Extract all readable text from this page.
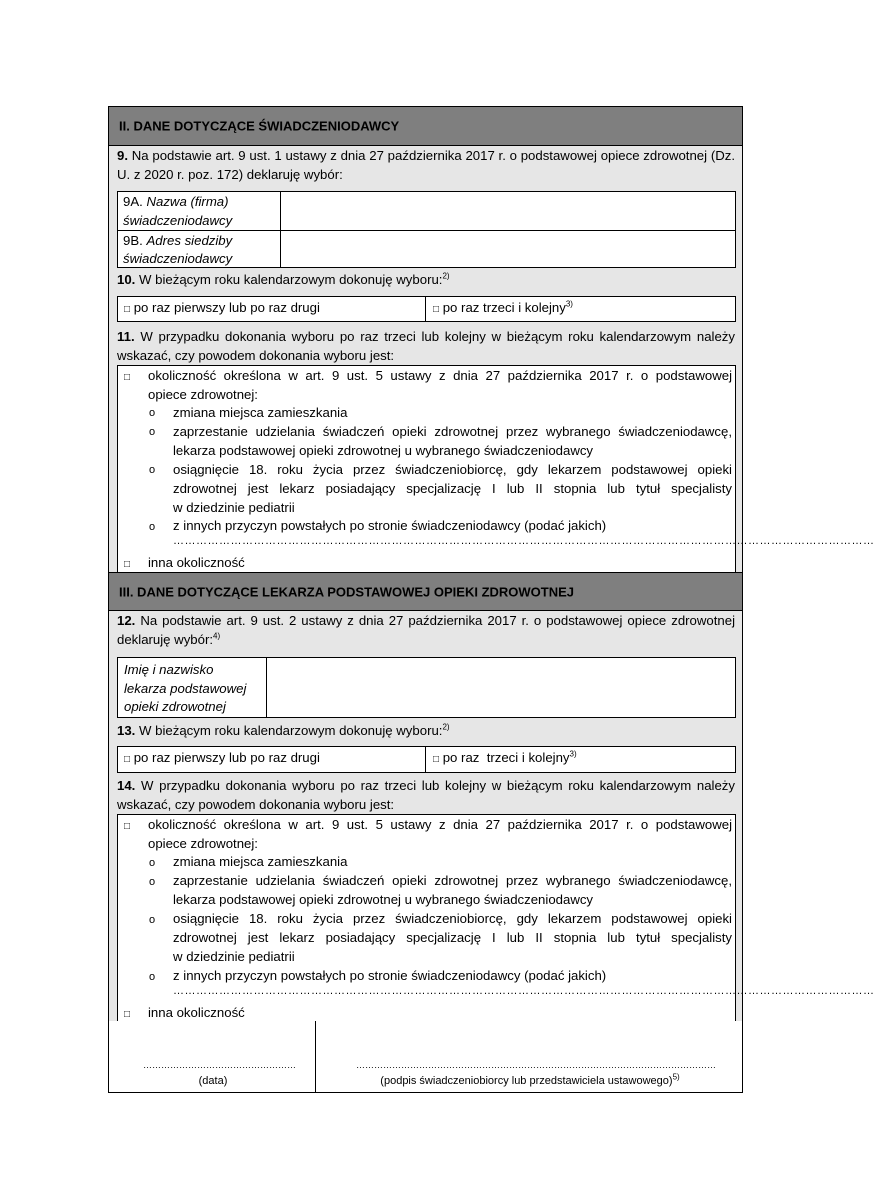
II. DANE DOTYCZĄCE ŚWIADCZENIODAWCY
9. Na podstawie art. 9 ust. 1 ustawy z dnia 27 października 2017 r. o podstawowej opiece zdrowotnej (Dz. U. z 2020 r. poz. 172) deklaruję wybór:
9A. Nazwa (firma)
świadczeniodawcy
9B. Adres siedziby
świadczeniodawcy
10. W bieżącym roku kalendarzowym dokonuję wyboru:$^{2)}$
□ po raz pierwszy lub po raz drugi	□ po raz trzeci i kolejny$^{3)}$
11. W przypadku dokonania wyboru po raz trzeci lub kolejny w bieżącym roku kalendarzowym należy wskazać, czy powodem dokonania wyboru jest:
□ okoliczność określona w art. 9 ust. 5 ustawy z dnia 27 października 2017 r. o podstawowej
opiece zdrowotnej:
o zmiana miejsca zamieszkania
o zaprzestanie udzielania świadczeń opieki zdrowotnej przez wybranego świadczeniodawcę,
lekarza podstawowej opieki zdrowotnej u wybranego świadczeniodawcy
o osiągnięcie 18. roku życia przez świadczeniobiorcę, gdy lekarzem podstawowej opieki
zdrowotnej jest lekarz posiadający specjalizację I lub II stopnia lub tytuł specjalisty
w dziedzinie pediatrii
o z innych przyczyn powstałych po stronie świadczeniodawcy (podać jakich)
…………………………………………………………………………………………………………………………………………………………………
□ inna okoliczność
III. DANE DOTYCZĄCE LEKARZA PODSTAWOWEJ OPIEKI ZDROWOTNEJ
12. Na podstawie art. 9 ust. 2 ustawy z dnia 27 października 2017 r. o podstawowej opiece zdrowotnej deklaruję wybór:$^{4)}$
Imię i nazwisko
lekarza podstawowej
opieki zdrowotnej
13. W bieżącym roku kalendarzowym dokonuję wyboru:$^{2)}$
□ po raz pierwszy lub po raz drugi	□ po raz  trzeci i kolejny$^{3)}$
14. W przypadku dokonania wyboru po raz trzeci lub kolejny w bieżącym roku kalendarzowym należy wskazać, czy powodem dokonania wyboru jest:
□ okoliczność określona w art. 9 ust. 5 ustawy z dnia 27 października 2017 r. o podstawowej
opiece zdrowotnej:
o zmiana miejsca zamieszkania
o zaprzestanie udzielania świadczeń opieki zdrowotnej przez wybranego świadczeniodawcę,
lekarza podstawowej opieki zdrowotnej u wybranego świadczeniodawcy
o osiągnięcie 18. roku życia przez świadczeniobiorcę, gdy lekarzem podstawowej opieki
zdrowotnej jest lekarz posiadający specjalizację I lub II stopnia lub tytuł specjalisty
w dziedzinie pediatrii
o z innych przyczyn powstałych po stronie świadczeniodawcy (podać jakich)
…………………………………………………………………………………………………………………………………………………………………
□ inna okoliczność
……………………………………………
(data)
…………………………………………………………………………………………………………
(podpis świadczeniobiorcy lub przedstawiciela ustawowego)$^{5)}$
